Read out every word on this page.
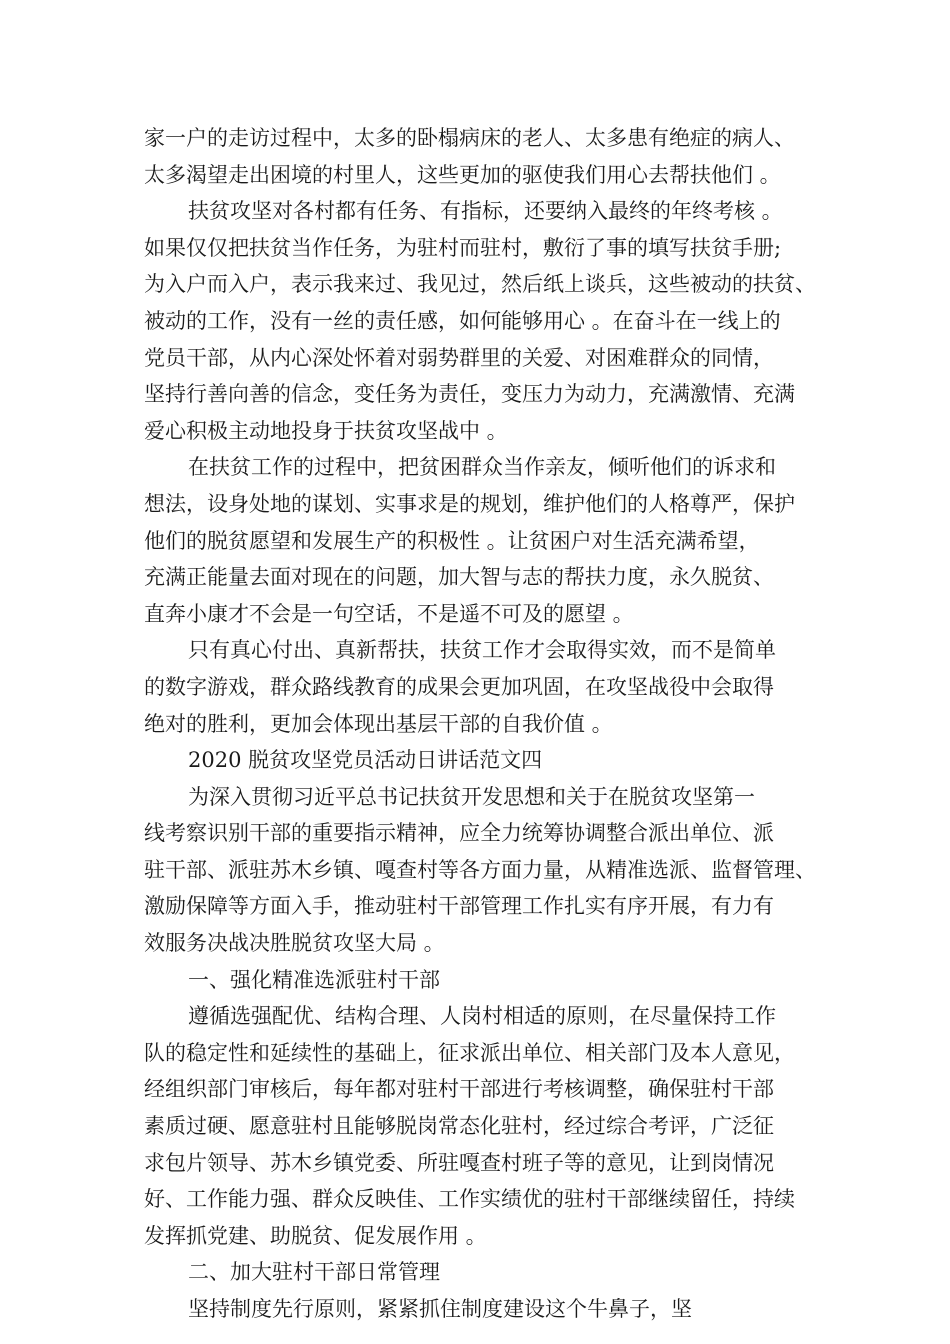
家一户的走访过程中，太多的卧榻病床的老人、太多患有绝症的病人、
太多渴望走出困境的村里人，这些更加的驱使我们用心去帮扶他们 。
扶贫攻坚对各村都有任务、有指标，还要纳入最终的年终考核 。
如果仅仅把扶贫当作任务，为驻村而驻村，敷衍了事的填写扶贫手册;
为入户而入户，表示我来过、我见过，然后纸上谈兵，这些被动的扶贫、
被动的工作，没有一丝的责任感，如何能够用心 。在奋斗在一线上的
党员干部，从内心深处怀着对弱势群里的关爱、对困难群众的同情，
坚持行善向善的信念，变任务为责任，变压力为动力，充满激情、充满
爱心积极主动地投身于扶贫攻坚战中 。
在扶贫工作的过程中，把贫困群众当作亲友，倾听他们的诉求和
想法，设身处地的谋划、实事求是的规划，维护他们的人格尊严，保护
他们的脱贫愿望和发展生产的积极性 。让贫困户对生活充满希望，
充满正能量去面对现在的问题，加大智与志的帮扶力度，永久脱贫、
直奔小康才不会是一句空话，不是遥不可及的愿望 。
只有真心付出、真新帮扶，扶贫工作才会取得实效，而不是简单
的数字游戏，群众路线教育的成果会更加巩固，在攻坚战役中会取得
绝对的胜利，更加会体现出基层干部的自我价值 。
2020 脱贫攻坚党员活动日讲话范文四
为深入贯彻习近平总书记扶贫开发思想和关于在脱贫攻坚第一
线考察识别干部的重要指示精神，应全力统筹协调整合派出单位、派
驻干部、派驻苏木乡镇、嘎查村等各方面力量，从精准选派、监督管理、
激励保障等方面入手，推动驻村干部管理工作扎实有序开展，有力有
效服务决战决胜脱贫攻坚大局 。
一、强化精准选派驻村干部
遵循选强配优、结构合理、人岗村相适的原则，在尽量保持工作
队的稳定性和延续性的基础上，征求派出单位、相关部门及本人意见，
经组织部门审核后，每年都对驻村干部进行考核调整，确保驻村干部
素质过硬、愿意驻村且能够脱岗常态化驻村，经过综合考评，广泛征
求包片领导、苏木乡镇党委、所驻嘎查村班子等的意见，让到岗情况
好、工作能力强、群众反映佳、工作实绩优的驻村干部继续留任，持续
发挥抓党建、助脱贫、促发展作用 。
二、加大驻村干部日常管理
坚持制度先行原则，紧紧抓住制度建设这个牛鼻子，坚
